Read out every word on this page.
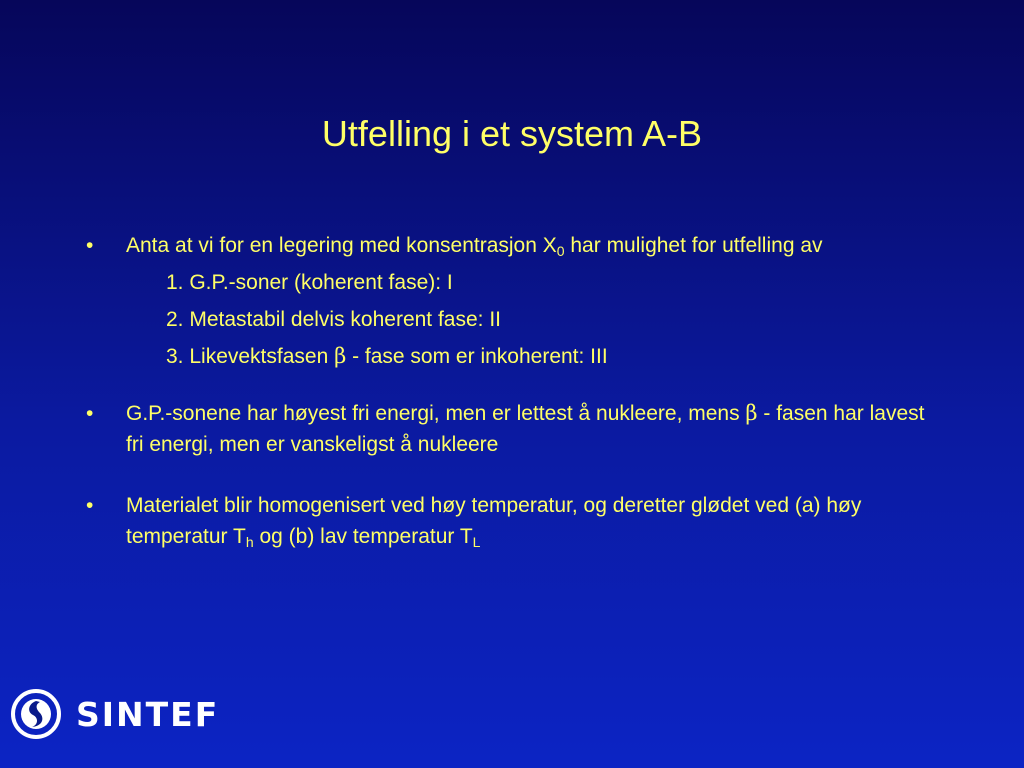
Utfelling i et system A-B
•	Anta at vi for en legering med konsentrasjon $X_0$ har mulighet for utfelling av
1. G.P.-soner (koherent fase): I
2. Metastabil delvis koherent fase: II
3. Likevektsfasen β - fase som er inkoherent: III
•	G.P.-sonene har høyest fri energi, men er lettest å nukleere, mens β - fasen har lavest fri energi, men er vanskeligst å nukleere
•	Materialet blir homogenisert ved høy temperatur, og deretter glødet ved (a) høy temperatur $T_h$ og (b) lav temperatur $T_L$
SINTEF
